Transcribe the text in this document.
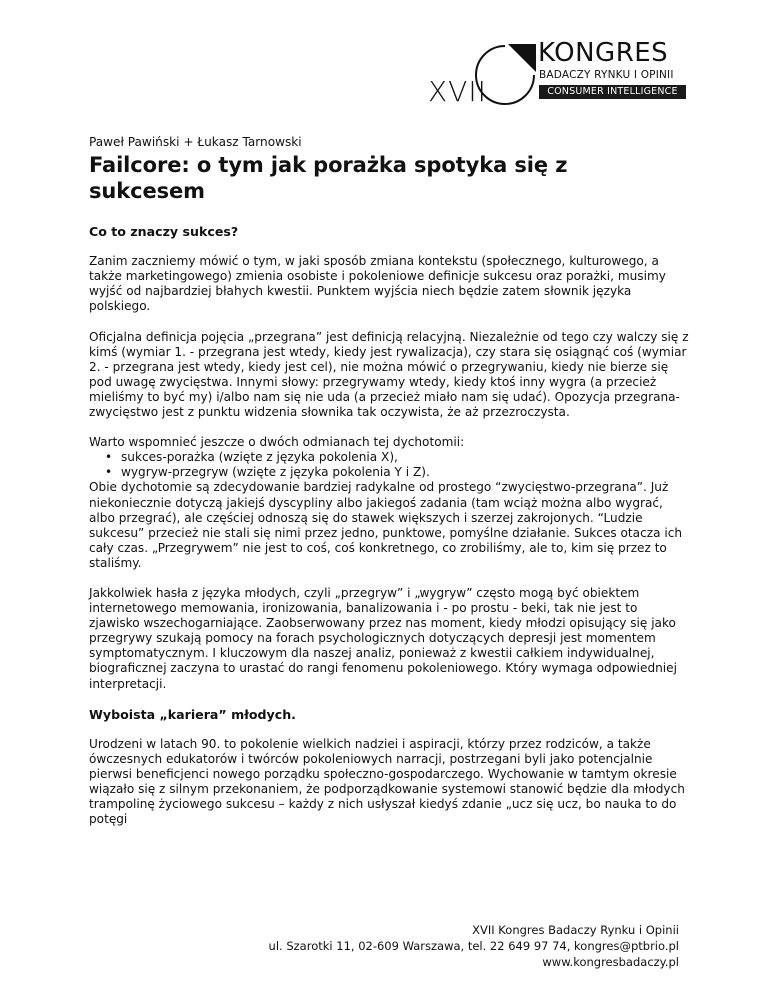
XVII
KONGRES
BADACZY RYNKU I OPINII
CONSUMER INTELLIGENCE

Paweł Pawiński + Łukasz Tarnowski

Failcore: o tym jak porażka spotyka się z sukcesem
Co to znaczy sukces?

Zanim zaczniemy mówić o tym, w jaki sposób zmiana kontekstu (społecznego, kulturowego, a także marketingowego) zmienia osobiste i pokoleniowe definicje sukcesu oraz porażki, musimy wyjść od najbardziej błahych kwestii. Punktem wyjścia niech będzie zatem słownik języka polskiego.

Oficjalna definicja pojęcia „przegrana” jest definicją relacyjną. Niezależnie od tego czy walczy się z kimś (wymiar 1. - przegrana jest wtedy, kiedy jest rywalizacja), czy stara się osiągnąć coś (wymiar 2. - przegrana jest wtedy, kiedy jest cel), nie można mówić o przegrywaniu, kiedy nie bierze się pod uwagę zwycięstwa. Innymi słowy: przegrywamy wtedy, kiedy ktoś inny wygra (a przecież mieliśmy to być my) i/albo nam się nie uda (a przecież miało nam się udać). Opozycja przegrana-zwycięstwo jest z punktu widzenia słownika tak oczywista, że aż przezroczysta.

Warto wspomnieć jeszcze o dwóch odmianach tej dychotomii:

• sukces-porażka (wzięte z języka pokolenia X),
• wygryw-przegryw (wzięte z języka pokolenia Y i Z).

Obie dychotomie są zdecydowanie bardziej radykalne od prostego “zwycięstwo-przegrana”. Już niekoniecznie dotyczą jakiejś dyscypliny albo jakiegoś zadania (tam wciąż można albo wygrać, albo przegrać), ale częściej odnoszą się do stawek większych i szerzej zakrojonych. “Ludzie sukcesu” przecież nie stali się nimi przez jedno, punktowe, pomyślne działanie. Sukces otacza ich cały czas. „Przegrywem” nie jest to coś, coś konkretnego, co zrobiliśmy, ale to, kim się przez to staliśmy.

Jakkolwiek hasła z języka młodych, czyli „przegryw” i „wygryw” często mogą być obiektem internetowego memowania, ironizowania, banalizowania i - po prostu - beki, tak nie jest to zjawisko wszechogarniające. Zaobserwowany przez nas moment, kiedy młodzi opisujący się jako przegrywy szukają pomocy na forach psychologicznych dotyczących depresji jest momentem symptomatycznym. I kluczowym dla naszej analiz, ponieważ z kwestii całkiem indywidualnej, biograficznej zaczyna to urastać do rangi fenomenu pokoleniowego. Który wymaga odpowiedniej interpretacji.

Wyboista „kariera” młodych.

Urodzeni w latach 90. to pokolenie wielkich nadziei i aspiracji, którzy przez rodziców, a także ówczesnych edukatorów i twórców pokoleniowych narracji, postrzegani byli jako potencjalnie pierwsi beneficjenci nowego porządku społeczno-gospodarczego. Wychowanie w tamtym okresie wiązało się z silnym przekonaniem, że podporządkowanie systemowi stanowić będzie dla młodych trampolinę życiowego sukcesu – każdy z nich usłyszał kiedyś zdanie „ucz się ucz, bo nauka to do potęgi

XVII Kongres Badaczy Rynku i Opinii
ul. Szarotki 11, 02-609 Warszawa, tel. 22 649 97 74, kongres@ptbrio.pl
www.kongresbadaczy.pl
